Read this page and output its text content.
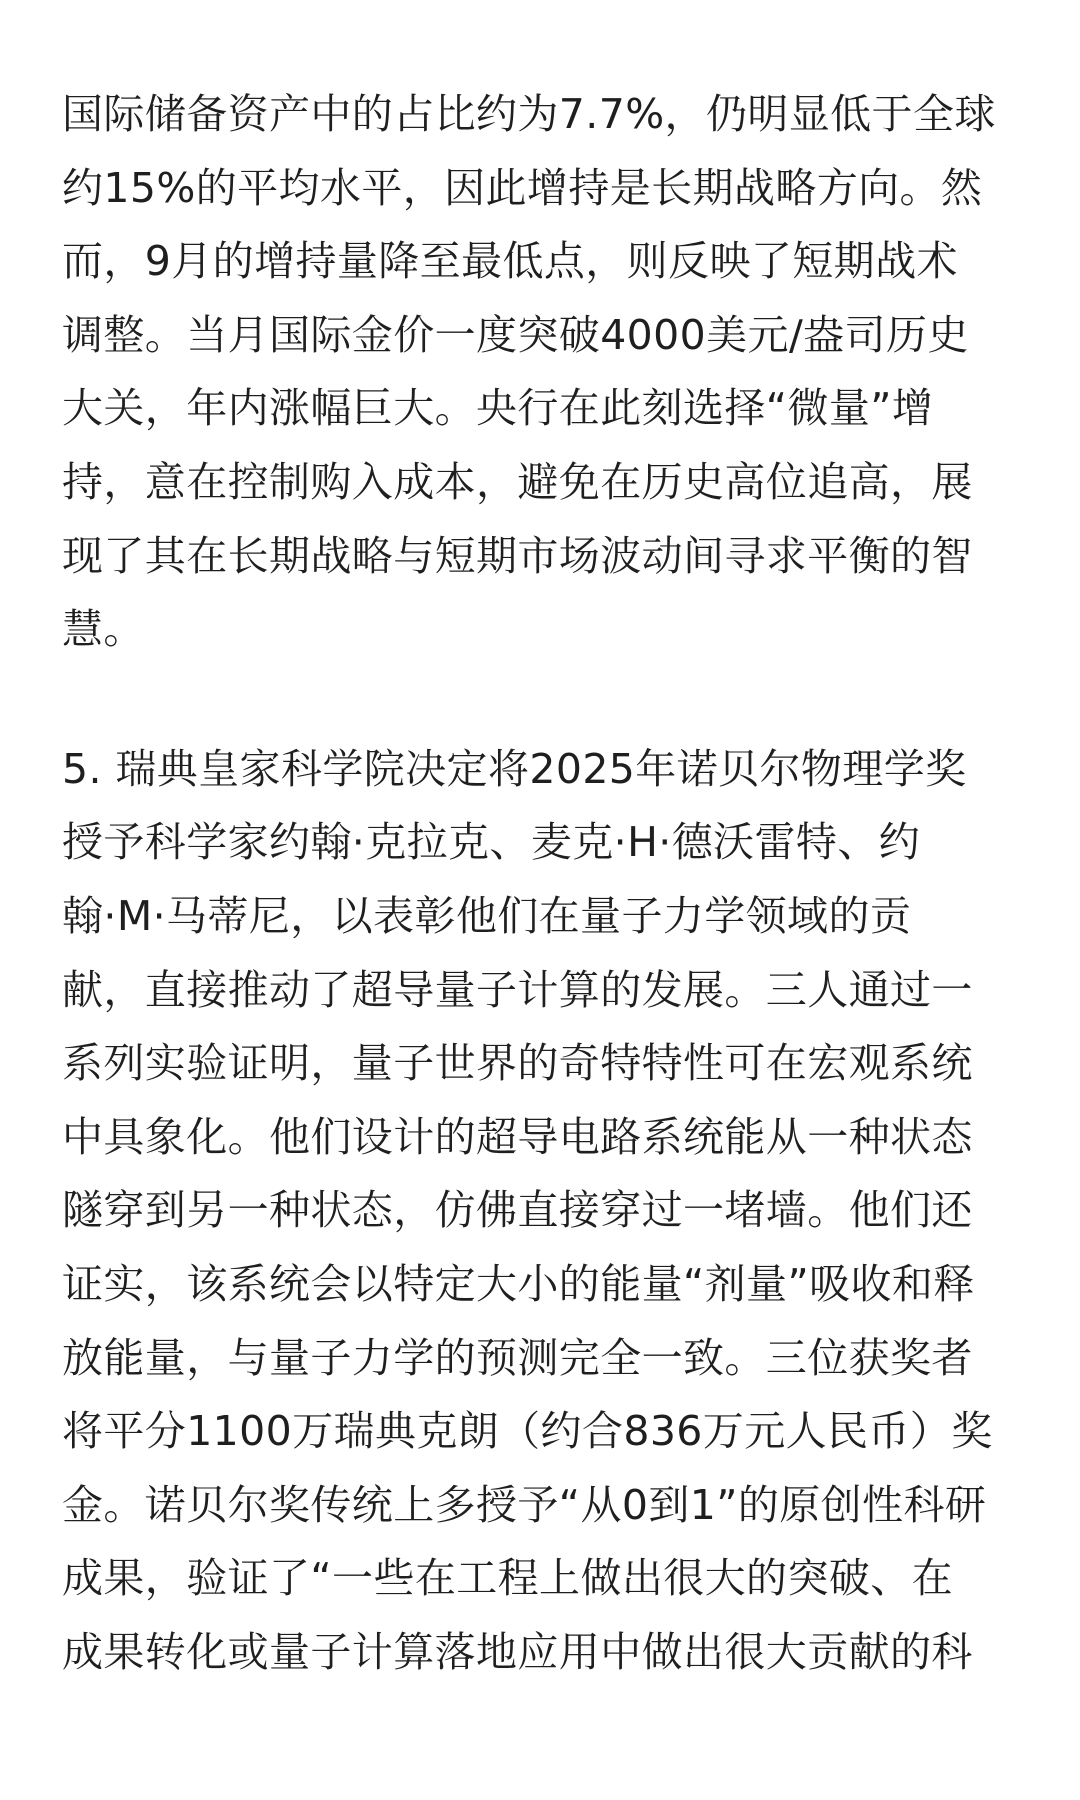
国际储备资产中的占比约为7.7%，仍明显低于全球
约15%的平均水平，因此增持是长期战略方向。然
而，9月的增持量降至最低点，则反映了短期战术
调整。当月国际金价一度突破4000美元/盎司历史
大关，年内涨幅巨大。央行在此刻选择“微量”增
持，意在控制购入成本，避免在历史高位追高，展
现了其在长期战略与短期市场波动间寻求平衡的智
慧。
5. 瑞典皇家科学院决定将2025年诺贝尔物理学奖
授予科学家约翰·克拉克、麦克·H·德沃雷特、约
翰·M·马蒂尼，以表彰他们在量子力学领域的贡
献，直接推动了超导量子计算的发展。三人通过一
系列实验证明，量子世界的奇特特性可在宏观系统
中具象化。他们设计的超导电路系统能从一种状态
隧穿到另一种状态，仿佛直接穿过一堵墙。他们还
证实，该系统会以特定大小的能量“剂量”吸收和释
放能量，与量子力学的预测完全一致。三位获奖者
将平分1100万瑞典克朗（约合836万元人民币）奖
金。诺贝尔奖传统上多授予“从0到1”的原创性科研
成果，验证了“一些在工程上做出很大的突破、在
成果转化或量子计算落地应用中做出很大贡献的科
